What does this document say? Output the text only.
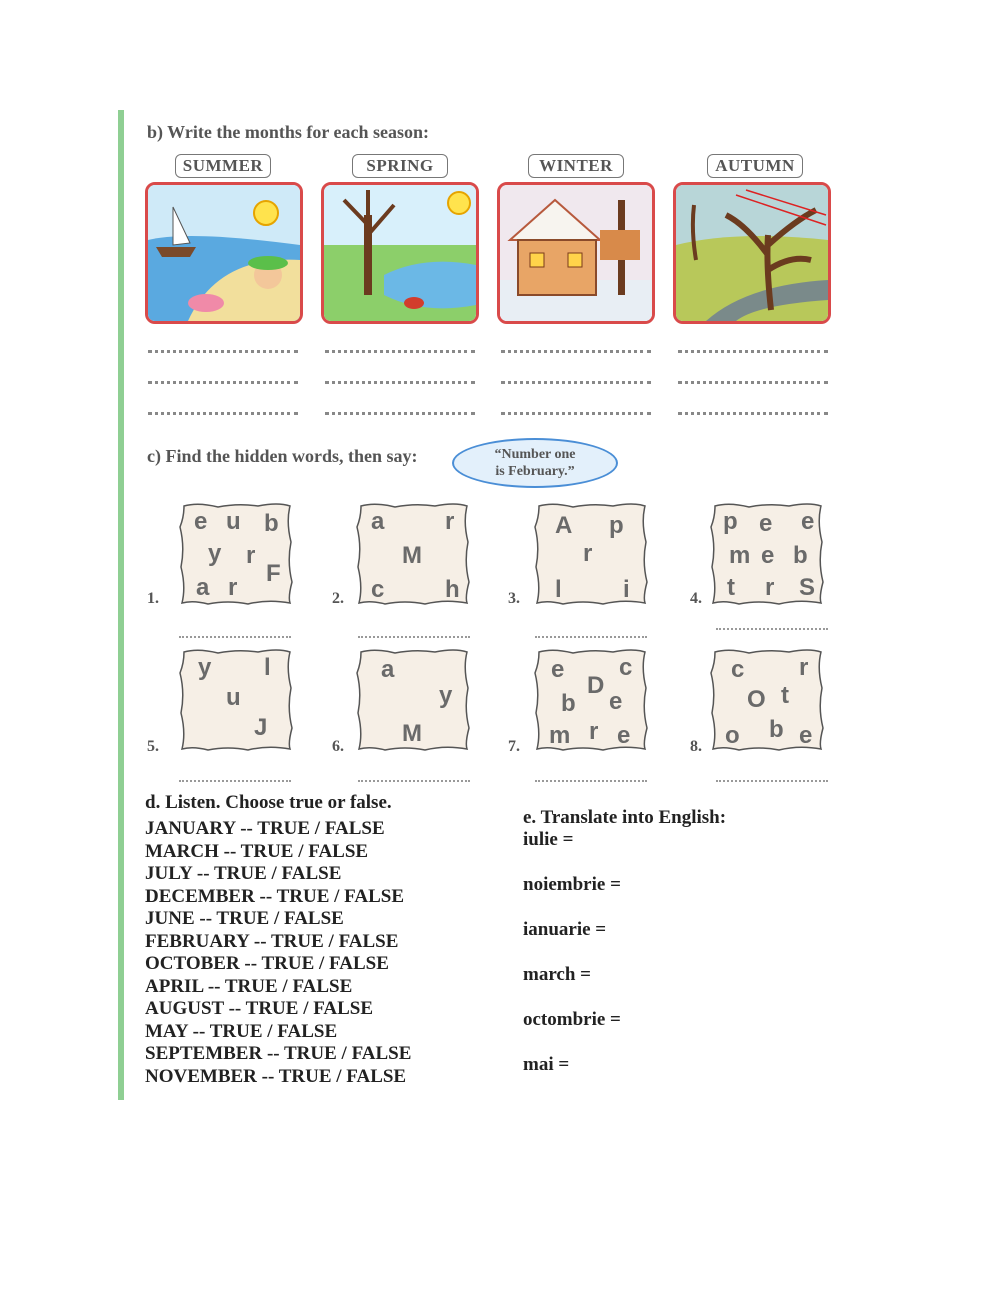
b) Write the months for each season:
SUMMER	SPRING	WINTER	AUTUMN
c) Find the hidden words, then say:	“Number one
is February.”
1.	2.	3.	4.
5.	6.	7.	8.
e u b
y r
F
a r
a	r
M
c	h
A p
r
l	i
p e e
m e b
t r S
y l
u
J
a
y
M
e c
D
b e
m r e
c r
O t
o b e
d. Listen. Choose true or false.
JANUARY -- TRUE / FALSE
MARCH -- TRUE / FALSE
JULY -- TRUE / FALSE
DECEMBER -- TRUE / FALSE
JUNE -- TRUE / FALSE
FEBRUARY -- TRUE / FALSE
OCTOBER -- TRUE / FALSE
APRIL -- TRUE / FALSE
AUGUST -- TRUE / FALSE
MAY -- TRUE / FALSE
SEPTEMBER -- TRUE / FALSE
NOVEMBER -- TRUE / FALSE
e. Translate into English:
iulie =
noiembrie =
ianuarie =
march =
octombrie =
mai =
